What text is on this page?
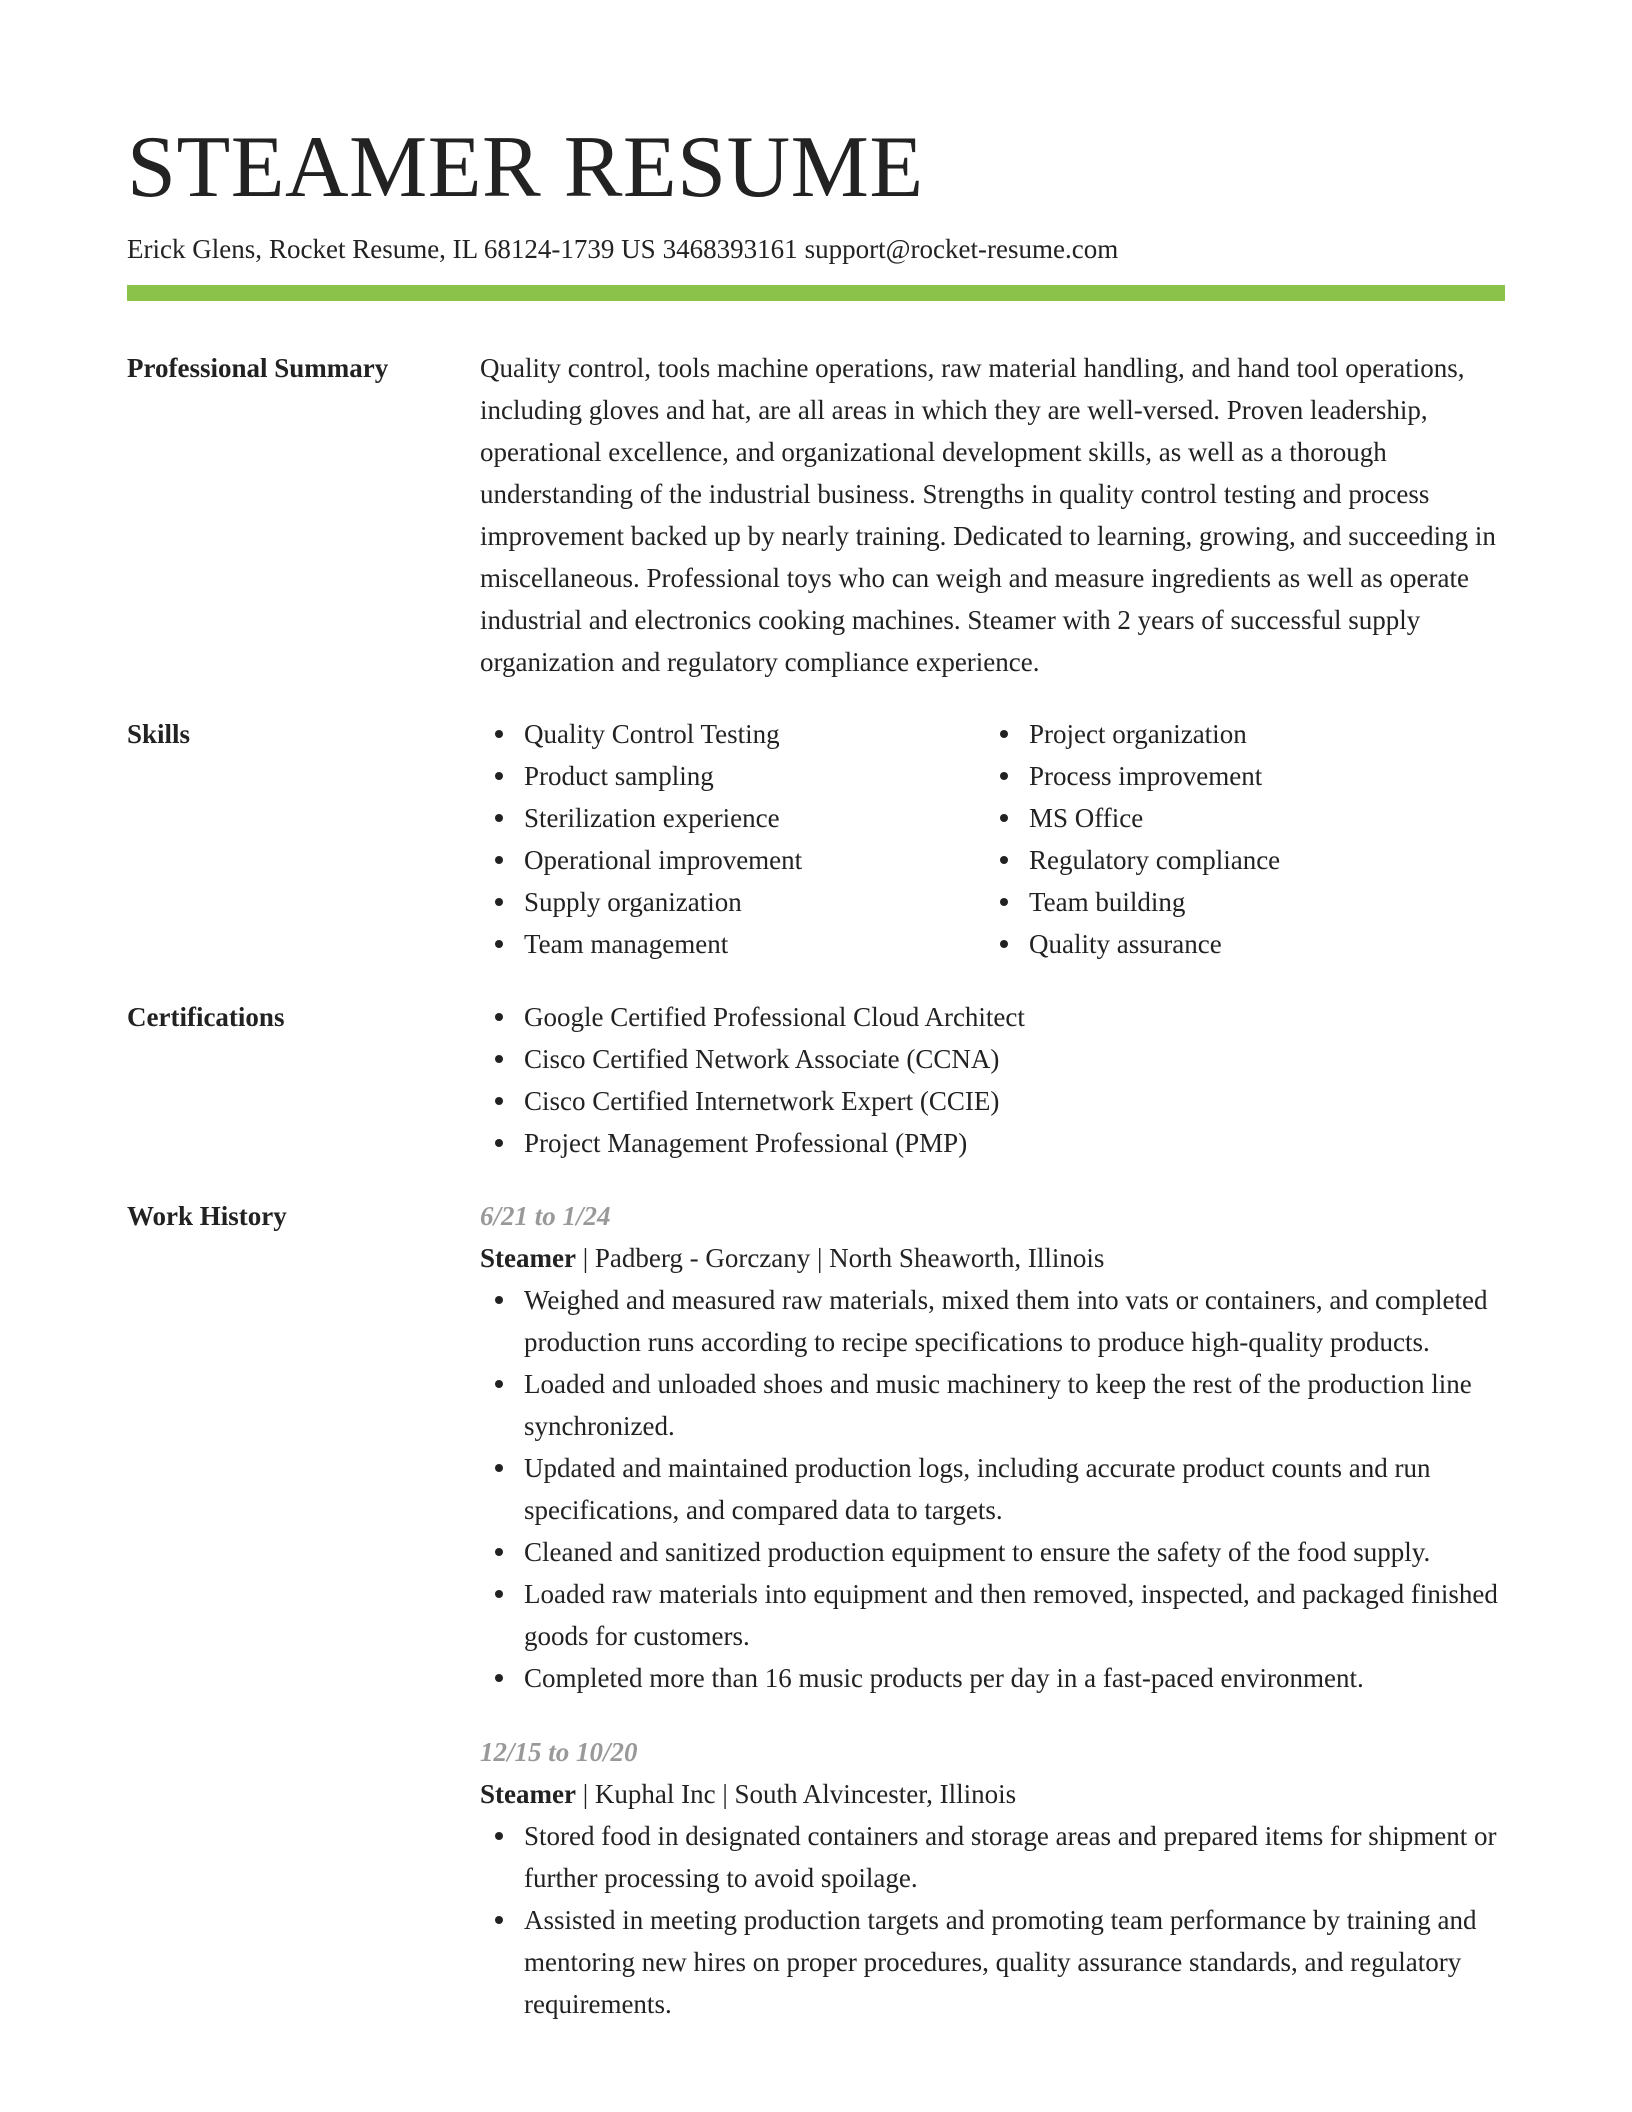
STEAMER RESUME
Erick Glens, Rocket Resume, IL 68124-1739 US 3468393161 support@rocket-resume.com
Professional Summary	Quality control, tools machine operations, raw material handling, and hand tool operations, including gloves and hat, are all areas in which they are well-versed. Proven leadership, operational excellence, and organizational development skills, as well as a thorough understanding of the industrial business. Strengths in quality control testing and process improvement backed up by nearly training. Dedicated to learning, growing, and succeeding in miscellaneous. Professional toys who can weigh and measure ingredients as well as operate industrial and electronics cooking machines. Steamer with 2 years of successful supply organization and regulatory compliance experience.

Skills	Quality Control Testing
Product sampling
Sterilization experience
Operational improvement
Supply organization
Team management
Project organization
Process improvement
MS Office
Regulatory compliance
Team building
Quality assurance
Certifications	Google Certified Professional Cloud Architect
Cisco Certified Network Associate (CCNA)
Cisco Certified Internetwork Expert (CCIE)
Project Management Professional (PMP)
Work History	6/21 to 1/24
Steamer | Padberg - Gorczany | North Sheaworth, Illinois
Weighed and measured raw materials, mixed them into vats or containers, and completed production runs according to recipe specifications to produce high-quality products.
Loaded and unloaded shoes and music machinery to keep the rest of the production line synchronized.
Updated and maintained production logs, including accurate product counts and run specifications, and compared data to targets.
Cleaned and sanitized production equipment to ensure the safety of the food supply.
Loaded raw materials into equipment and then removed, inspected, and packaged finished goods for customers.
Completed more than 16 music products per day in a fast-paced environment.
12/15 to 10/20
Steamer | Kuphal Inc | South Alvincester, Illinois
Stored food in designated containers and storage areas and prepared items for shipment or further processing to avoid spoilage.
Assisted in meeting production targets and promoting team performance by training and mentoring new hires on proper procedures, quality assurance standards, and regulatory requirements.
